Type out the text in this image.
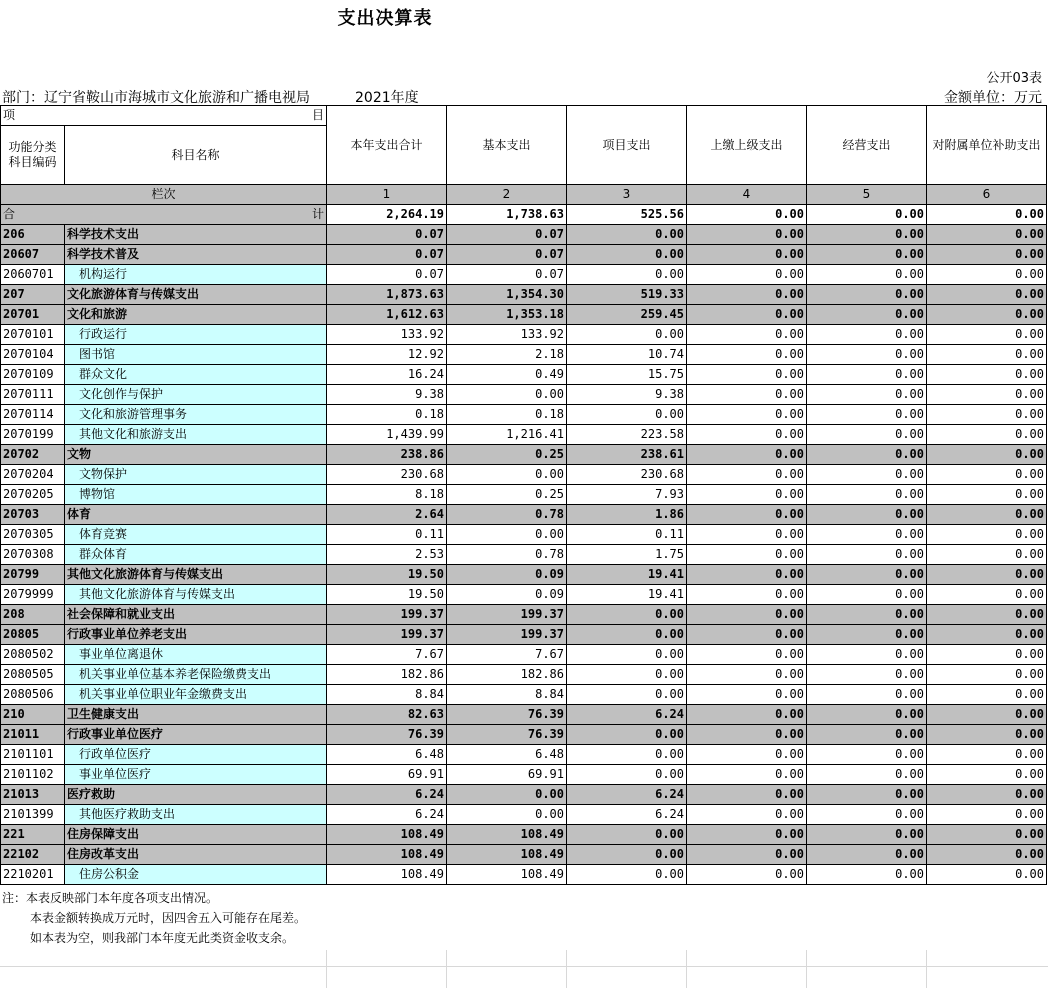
支出决算表
公开03表
部门：辽宁省鞍山市海城市文化旅游和广播电视局	2021年度	金额单位：万元
项 目		本年支出合计	基本支出	项目支出	上缴上级支出	经营支出	对附属单位补助支出
功能分类科目编码	科目名称						
栏次		1	2	3	4	5	6
合 计		2,264.19	1,738.63	525.56	0.00	0.00	0.00
206	科学技术支出	0.07	0.07	0.00	0.00	0.00	0.00
20607	科学技术普及	0.07	0.07	0.00	0.00	0.00	0.00
2060701	机构运行	0.07	0.07	0.00	0.00	0.00	0.00
207	文化旅游体育与传媒支出	1,873.63	1,354.30	519.33	0.00	0.00	0.00
20701	文化和旅游	1,612.63	1,353.18	259.45	0.00	0.00	0.00
2070101	行政运行	133.92	133.92	0.00	0.00	0.00	0.00
2070104	图书馆	12.92	2.18	10.74	0.00	0.00	0.00
2070109	群众文化	16.24	0.49	15.75	0.00	0.00	0.00
2070111	文化创作与保护	9.38	0.00	9.38	0.00	0.00	0.00
2070114	文化和旅游管理事务	0.18	0.18	0.00	0.00	0.00	0.00
2070199	其他文化和旅游支出	1,439.99	1,216.41	223.58	0.00	0.00	0.00
20702	文物	238.86	0.25	238.61	0.00	0.00	0.00
2070204	文物保护	230.68	0.00	230.68	0.00	0.00	0.00
2070205	博物馆	8.18	0.25	7.93	0.00	0.00	0.00
20703	体育	2.64	0.78	1.86	0.00	0.00	0.00
2070305	体育竞赛	0.11	0.00	0.11	0.00	0.00	0.00
2070308	群众体育	2.53	0.78	1.75	0.00	0.00	0.00
20799	其他文化旅游体育与传媒支出	19.50	0.09	19.41	0.00	0.00	0.00
2079999	其他文化旅游体育与传媒支出	19.50	0.09	19.41	0.00	0.00	0.00
208	社会保障和就业支出	199.37	199.37	0.00	0.00	0.00	0.00
20805	行政事业单位养老支出	199.37	199.37	0.00	0.00	0.00	0.00
2080502	事业单位离退休	7.67	7.67	0.00	0.00	0.00	0.00
2080505	机关事业单位基本养老保险缴费支出	182.86	182.86	0.00	0.00	0.00	0.00
2080506	机关事业单位职业年金缴费支出	8.84	8.84	0.00	0.00	0.00	0.00
210	卫生健康支出	82.63	76.39	6.24	0.00	0.00	0.00
21011	行政事业单位医疗	76.39	76.39	0.00	0.00	0.00	0.00
2101101	行政单位医疗	6.48	6.48	0.00	0.00	0.00	0.00
2101102	事业单位医疗	69.91	69.91	0.00	0.00	0.00	0.00
21013	医疗救助	6.24	0.00	6.24	0.00	0.00	0.00
2101399	其他医疗救助支出	6.24	0.00	6.24	0.00	0.00	0.00
221	住房保障支出	108.49	108.49	0.00	0.00	0.00	0.00
22102	住房改革支出	108.49	108.49	0.00	0.00	0.00	0.00
2210201	住房公积金	108.49	108.49	0.00	0.00	0.00	0.00
注：本表反映部门本年度各项支出情况。
本表金额转换成万元时，因四舍五入可能存在尾差。
如本表为空，则我部门本年度无此类资金收支余。
